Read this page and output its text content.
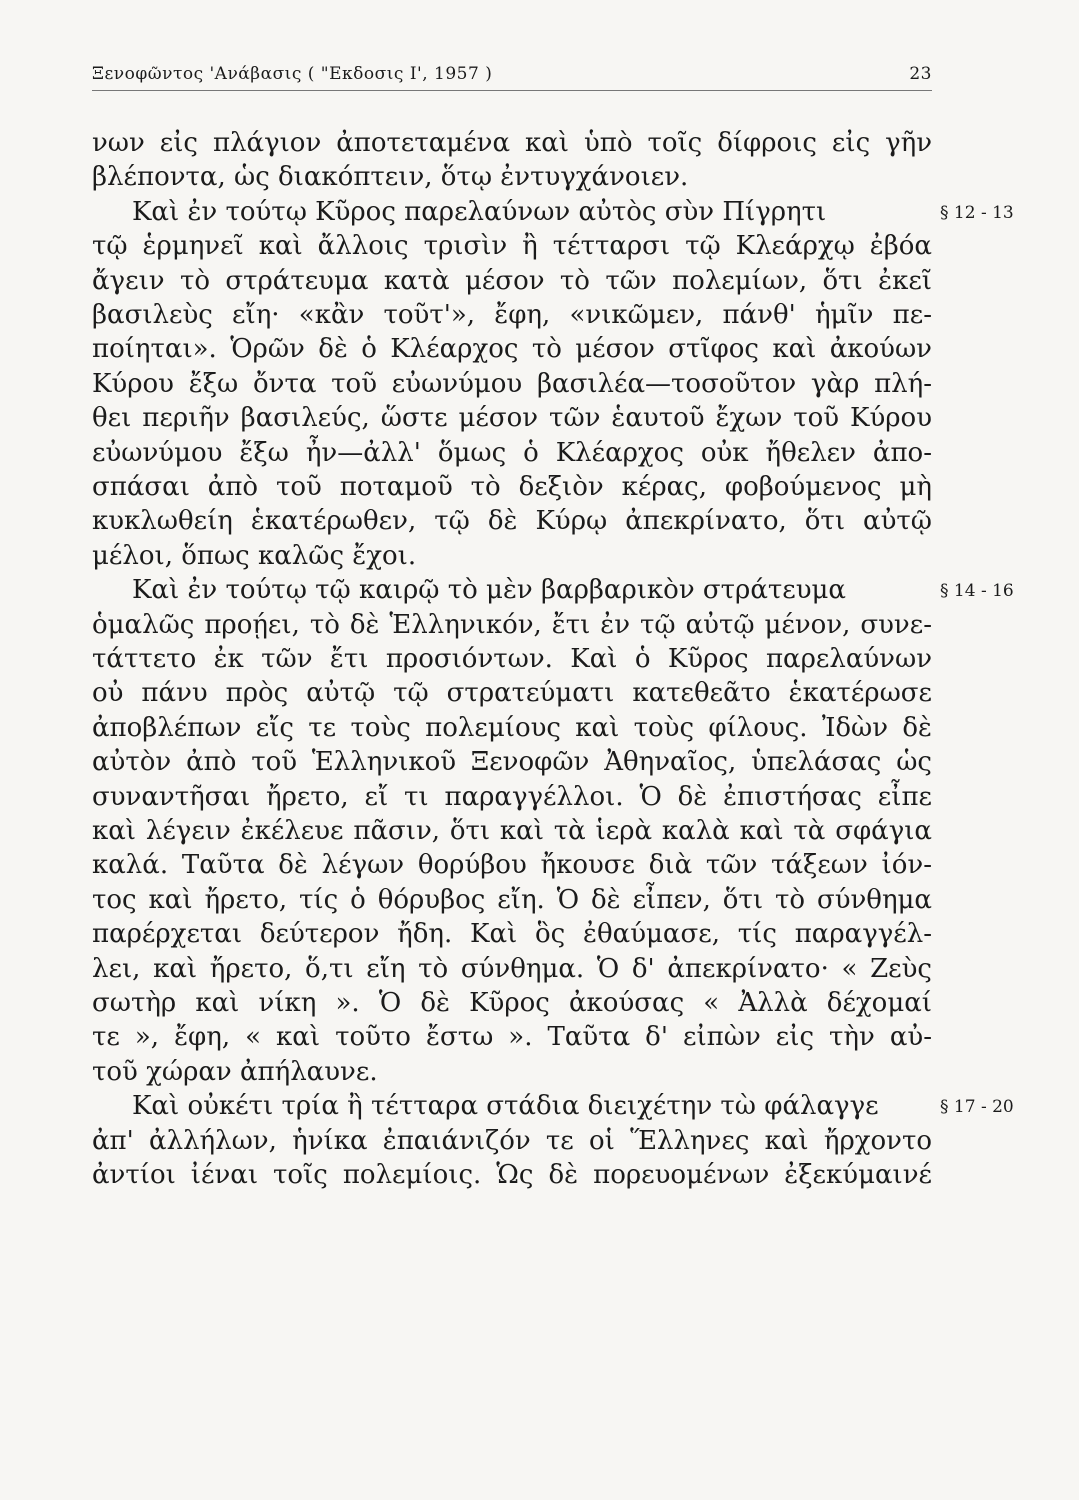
Ξενοφῶντος 'Ανάβασις ( "Εκδοσις Ι', 1957 )	23
νων εἰς πλάγιον ἀποτεταμένα καὶ ὑπὸ τοῖς δίφροις εἰς γῆν
βλέποντα, ὡς διακόπτειν, ὅτῳ ἐντυγχάνοιεν.
Καὶ ἐν τούτῳ Κῦρος παρελαύνων αὐτὸς σὺν Πίγρητι
τῷ ἑρμηνεῖ καὶ ἄλλοις τρισὶν ἢ τέτταρσι τῷ Κλεάρχῳ ἐβόα
ἄγειν τὸ στράτευμα κατὰ μέσον τὸ τῶν πολεμίων, ὅτι ἐκεῖ
βασιλεὺς εἴη· «κἂν τοῦτ'», ἔφη, «νικῶμεν, πάνθ' ἡμῖν πε-
ποίηται». Ὁρῶν δὲ ὁ Κλέαρχος τὸ μέσον στῖφος καὶ ἀκούων
Κύρου ἔξω ὄντα τοῦ εὐωνύμου βασιλέα—τοσοῦτον γὰρ πλή-
θει περιῆν βασιλεύς, ὥστε μέσον τῶν ἑαυτοῦ ἔχων τοῦ Κύρου
εὐωνύμου ἔξω ἦν—ἀλλ' ὅμως ὁ Κλέαρχος οὐκ ἤθελεν ἀπο-
σπάσαι ἀπὸ τοῦ ποταμοῦ τὸ δεξιὸν κέρας, φοβούμενος μὴ
κυκλωθείη ἑκατέρωθεν, τῷ δὲ Κύρῳ ἀπεκρίνατο, ὅτι αὐτῷ
μέλοι, ὅπως καλῶς ἔχοι.
Καὶ ἐν τούτῳ τῷ καιρῷ τὸ μὲν βαρβαρικὸν στράτευμα
ὁμαλῶς προῄει, τὸ δὲ Ἑλληνικόν, ἔτι ἐν τῷ αὐτῷ μένον, συνε-
τάττετο ἐκ τῶν ἔτι προσιόντων. Καὶ ὁ Κῦρος παρελαύνων
οὐ πάνυ πρὸς αὐτῷ τῷ στρατεύματι κατεθεᾶτο ἑκατέρωσε
ἀποβλέπων εἴς τε τοὺς πολεμίους καὶ τοὺς φίλους. Ἰδὼν δὲ
αὐτὸν ἀπὸ τοῦ Ἑλληνικοῦ Ξενοφῶν Ἀθηναῖος, ὑπελάσας ὡς
συναντῆσαι ἤρετο, εἴ τι παραγγέλλοι. Ὁ δὲ ἐπιστήσας εἶπε
καὶ λέγειν ἐκέλευε πᾶσιν, ὅτι καὶ τὰ ἱερὰ καλὰ καὶ τὰ σφάγια
καλά. Ταῦτα δὲ λέγων θορύβου ἤκουσε διὰ τῶν τάξεων ἰόν-
τος καὶ ἤρετο, τίς ὁ θόρυβος εἴη. Ὁ δὲ εἶπεν, ὅτι τὸ σύνθημα
παρέρχεται δεύτερον ἤδη. Καὶ ὃς ἐθαύμασε, τίς παραγγέλ-
λει, καὶ ἤρετο, ὅ,τι εἴη τὸ σύνθημα. Ὁ δ' ἀπεκρίνατο· « Ζεὺς
σωτὴρ καὶ νίκη ». Ὁ δὲ Κῦρος ἀκούσας « Ἀλλὰ δέχομαί
τε », ἔφη, « καὶ τοῦτο ἔστω ». Ταῦτα δ' εἰπὼν εἰς τὴν αὐ-
τοῦ χώραν ἀπήλαυνε.
Καὶ οὐκέτι τρία ἢ τέτταρα στάδια διειχέτην τὼ φάλαγγε
ἀπ' ἀλλήλων, ἡνίκα ἐπαιάνιζόν τε οἱ Ἕλληνες καὶ ἤρχοντο
ἀντίοι ἰέναι τοῖς πολεμίοις. Ὡς δὲ πορευομένων ἐξεκύμαινέ
§ 12 - 13
§ 14 - 16
§ 17 - 20
